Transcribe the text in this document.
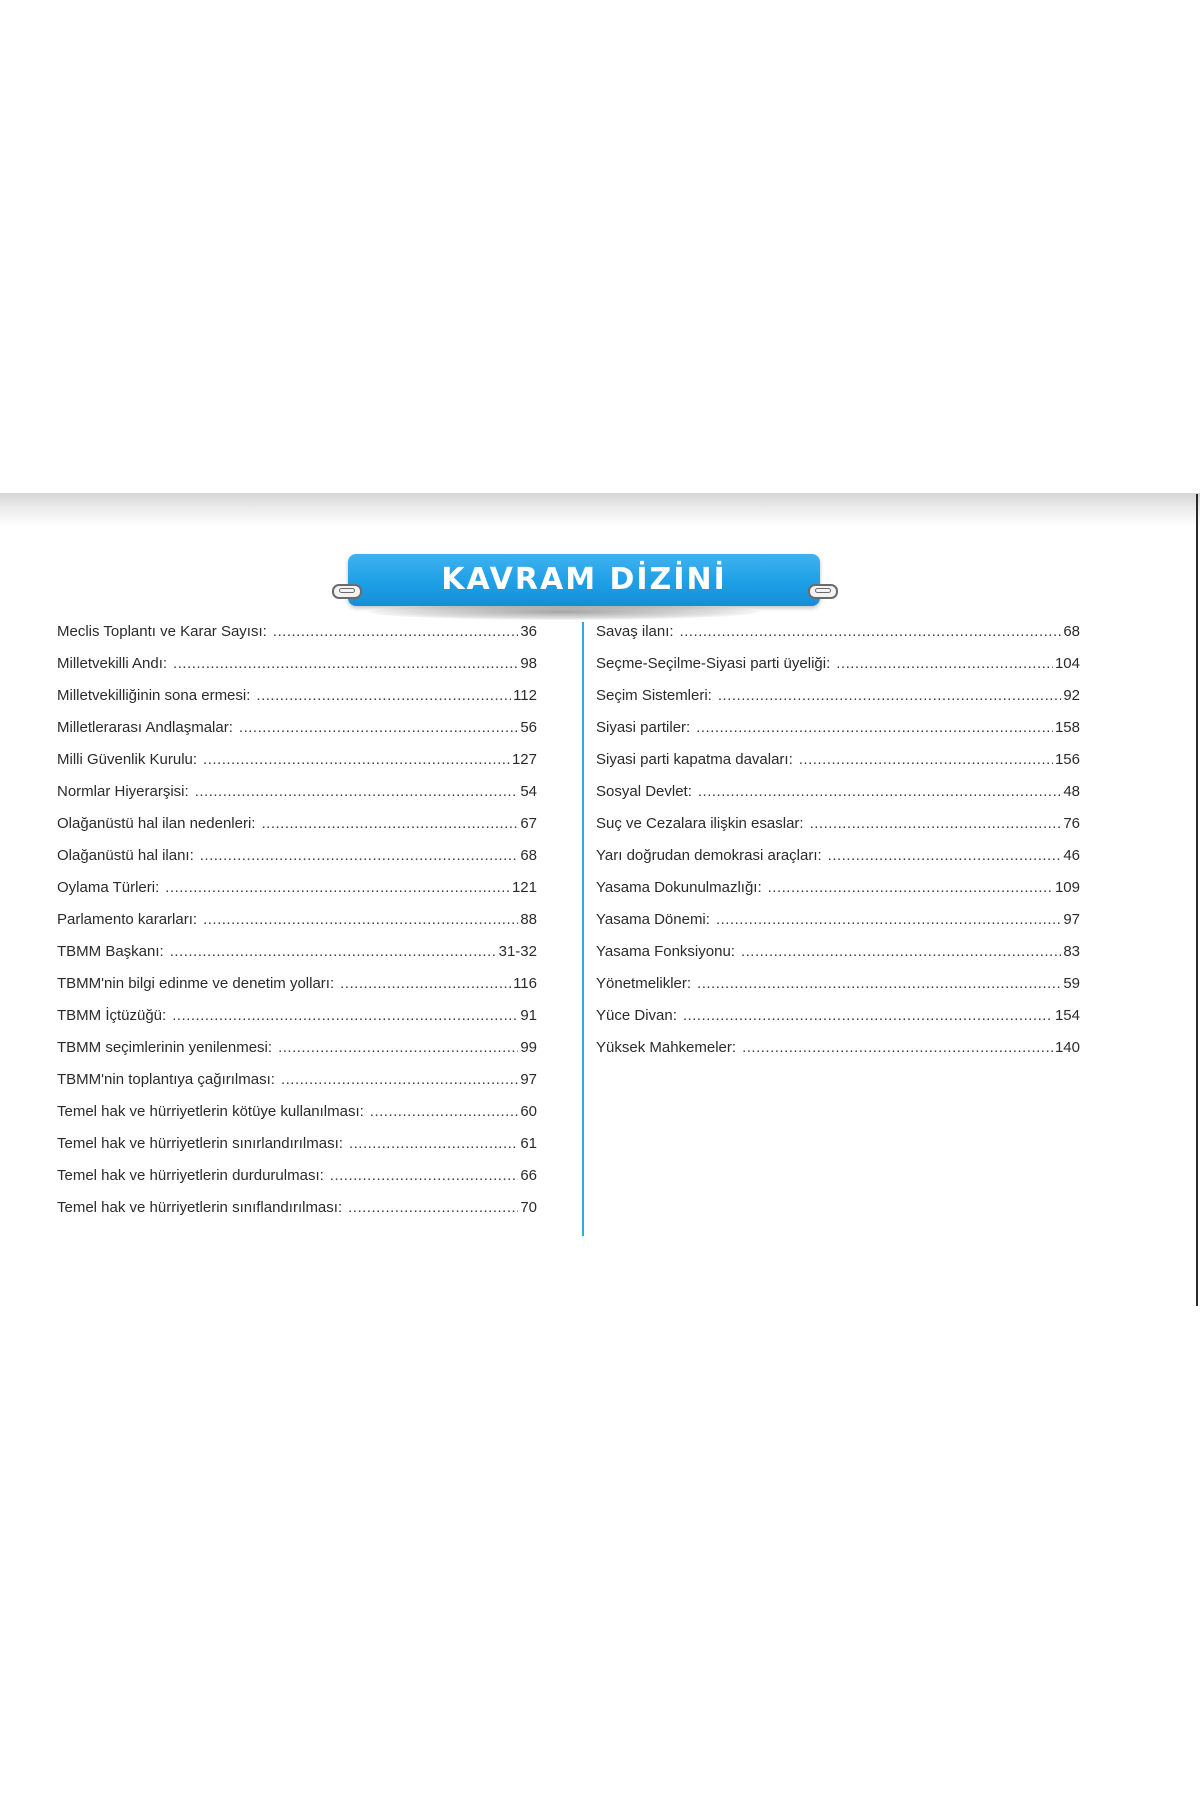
KAVRAM DİZİNİ
Meclis Toplantı ve Karar Sayısı: .....	36
Milletvekilli Andı: .....	98
Milletvekilliğinin sona ermesi: .....	112
Milletlerarası Andlaşmalar: .....	56
Milli Güvenlik Kurulu: .....	127
Normlar Hiyerarşisi: .....	54
Olağanüstü hal ilan nedenleri: .....	67
Olağanüstü hal ilanı: .....	68
Oylama Türleri: .....	121
Parlamento kararları: .....	88
TBMM Başkanı: .....	31-32
TBMM'nin bilgi edinme ve denetim yolları: .....	116
TBMM İçtüzüğü: .....	91
TBMM seçimlerinin yenilenmesi: .....	99
TBMM'nin toplantıya çağırılması: .....	97
Temel hak ve hürriyetlerin kötüye kullanılması: .....	60
Temel hak ve hürriyetlerin sınırlandırılması: .....	61
Temel hak ve hürriyetlerin durdurulması: .....	66
Temel hak ve hürriyetlerin sınıflandırılması: .....	70
Savaş ilanı: .....	68
Seçme-Seçilme-Siyasi parti üyeliği: .....	104
Seçim Sistemleri: .....	92
Siyasi partiler: .....	158
Siyasi parti kapatma davaları: .....	156
Sosyal Devlet: .....	48
Suç ve Cezalara ilişkin esaslar: .....	76
Yarı doğrudan demokrasi araçları: .....	46
Yasama Dokunulmazlığı: .....	109
Yasama Dönemi: .....	97
Yasama Fonksiyonu: .....	83
Yönetmelikler: .....	59
Yüce Divan: .....	154
Yüksek Mahkemeler: .....	140
